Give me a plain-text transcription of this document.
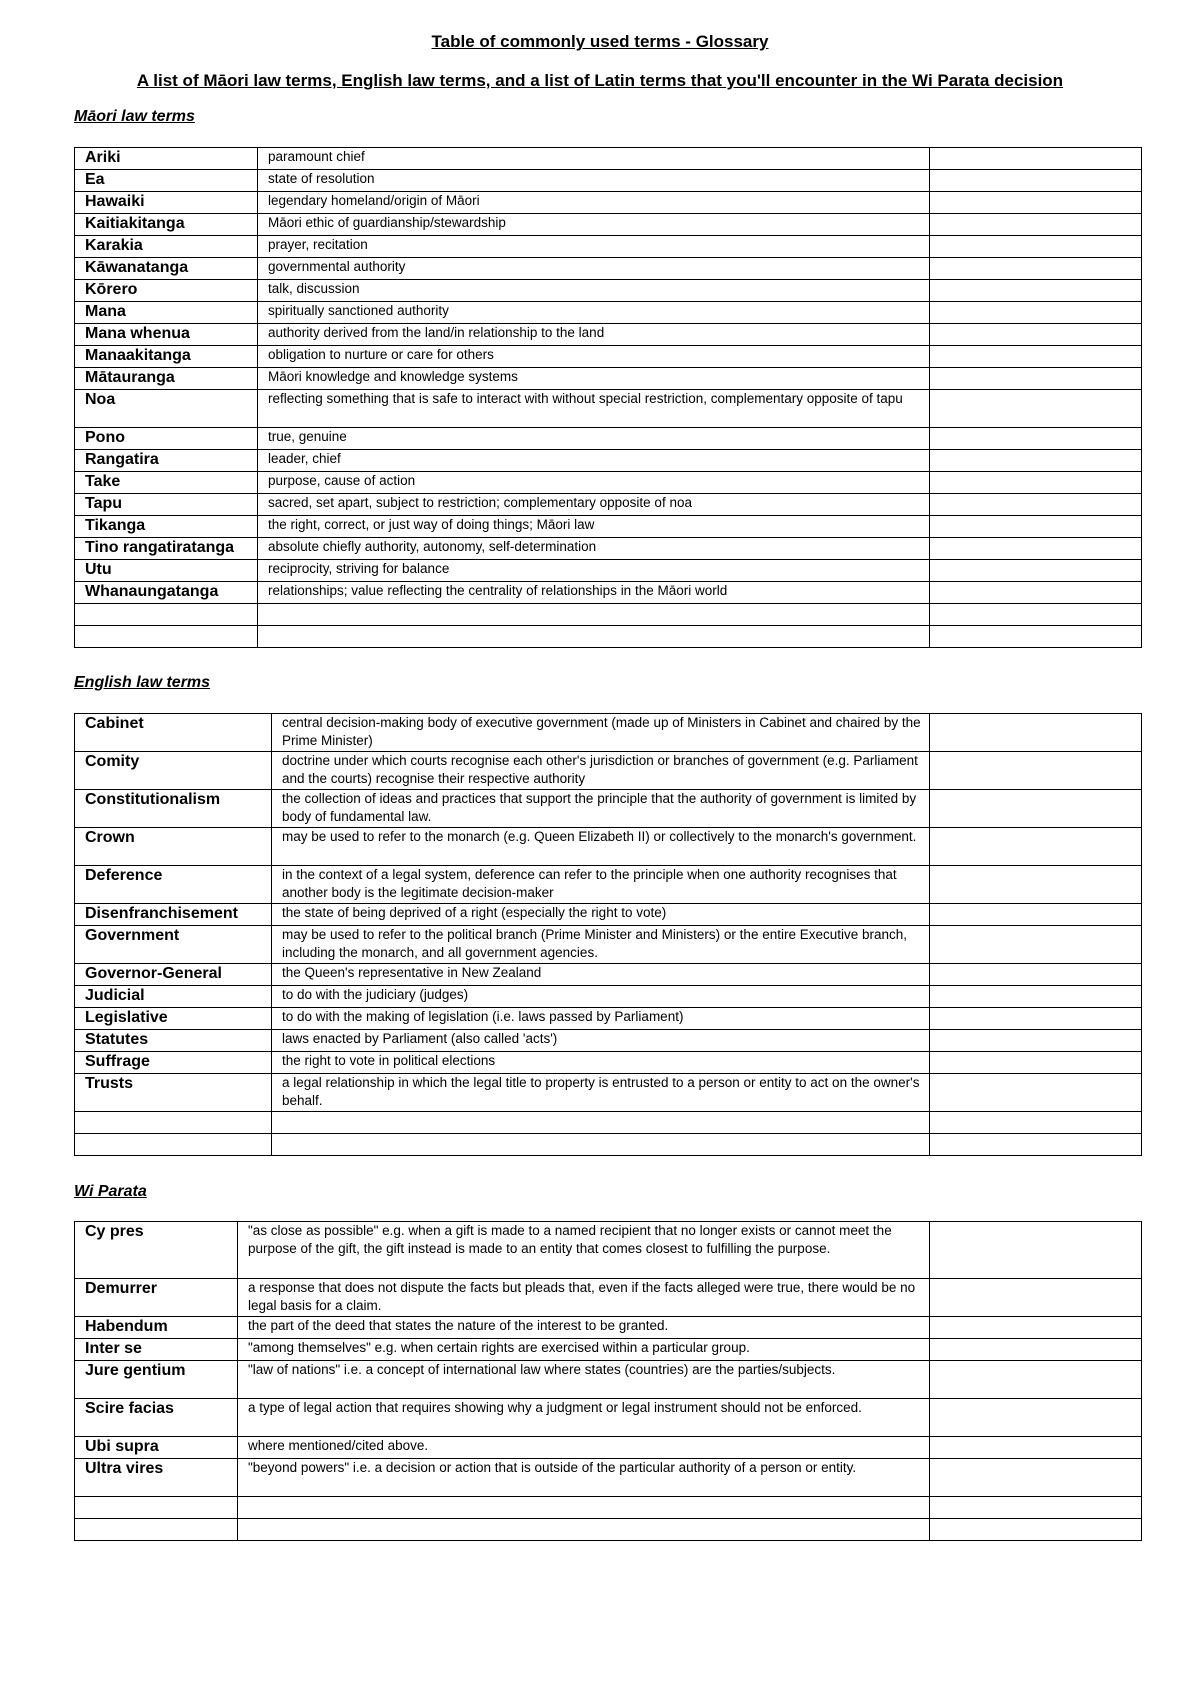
Table of commonly used terms - Glossary
A list of Māori law terms, English law terms, and a list of Latin terms that you'll encounter in the Wi Parata decision
Māori law terms
Ariki	paramount chief	
Ea	state of resolution	
Hawaiki	legendary homeland/origin of Māori	
Kaitiakitanga	Māori ethic of guardianship/stewardship	
Karakia	prayer, recitation	
Kāwanatanga	governmental authority	
Kōrero	talk, discussion	
Mana	spiritually sanctioned authority	
Mana whenua	authority derived from the land/in relationship to the land	
Manaakitanga	obligation to nurture or care for others	
Mātauranga	Māori knowledge and knowledge systems	
Noa	reflecting something that is safe to interact with without special restriction, complementary opposite of tapu	
Pono	true, genuine	
Rangatira	leader, chief	
Take	purpose, cause of action	
Tapu	sacred, set apart, subject to restriction; complementary opposite of noa	
Tikanga	the right, correct, or just way of doing things; Māori law	
Tino rangatiratanga	absolute chiefly authority, autonomy, self-determination	
Utu	reciprocity, striving for balance	
Whanaungatanga	relationships; value reflecting the centrality of relationships in the Māori world	

English law terms
Cabinet	central decision-making body of executive government (made up of Ministers in Cabinet and chaired by the Prime Minister)	
Comity	doctrine under which courts recognise each other's jurisdiction or branches of government (e.g. Parliament and the courts) recognise their respective authority	
Constitutionalism	the collection of ideas and practices that support the principle that the authority of government is limited by body of fundamental law.	
Crown	may be used to refer to the monarch (e.g. Queen Elizabeth II) or collectively to the monarch's government.	
Deference	in the context of a legal system, deference can refer to the principle when one authority recognises that another body is the legitimate decision-maker	
Disenfranchisement	the state of being deprived of a right (especially the right to vote)	
Government	may be used to refer to the political branch (Prime Minister and Ministers) or the entire Executive branch, including the monarch, and all government agencies.	
Governor-General	the Queen's representative in New Zealand	
Judicial	to do with the judiciary (judges)	
Legislative	to do with the making of legislation (i.e. laws passed by Parliament)	
Statutes	laws enacted by Parliament (also called 'acts')	
Suffrage	the right to vote in political elections	
Trusts	a legal relationship in which the legal title to property is entrusted to a person or entity to act on the owner's behalf.	

Wi Parata
Cy pres	"as close as possible" e.g. when a gift is made to a named recipient that no longer exists or cannot meet the purpose of the gift, the gift instead is made to an entity that comes closest to fulfilling the purpose.	
Demurrer	a response that does not dispute the facts but pleads that, even if the facts alleged were true, there would be no legal basis for a claim.	
Habendum	the part of the deed that states the nature of the interest to be granted.	
Inter se	"among themselves" e.g. when certain rights are exercised within a particular group.	
Jure gentium	"law of nations" i.e. a concept of international law where states (countries) are the parties/subjects.	
Scire facias	a type of legal action that requires showing why a judgment or legal instrument should not be enforced.	
Ubi supra	where mentioned/cited above.	
Ultra vires	"beyond powers" i.e. a decision or action that is outside of the particular authority of a person or entity.	
